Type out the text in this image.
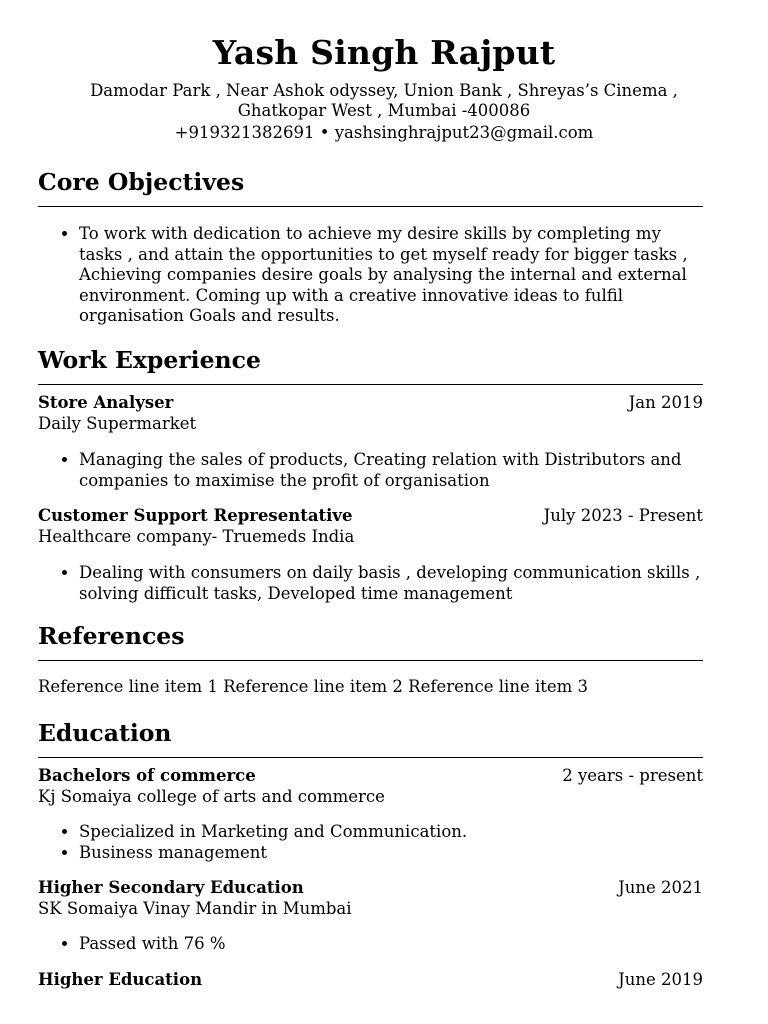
Yash Singh Rajput
Damodar Park , Near Ashok odyssey, Union Bank , Shreyas’s Cinema , Ghatkopar West , Mumbai -400086
+919321382691 • yashsinghrajput23@gmail.com
Core Objectives
• To work with dedication to achieve my desire skills by completing my tasks , and attain the opportunities to get myself ready for bigger tasks , Achieving companies desire goals by analysing the internal and external environment. Coming up with a creative innovative ideas to fulfil organisation Goals and results.
Work Experience
Store Analyser	Jan 2019
Daily Supermarket
• Managing the sales of products, Creating relation with Distributors and companies to maximise the profit of organisation
Customer Support Representative	July 2023 - Present
Healthcare company- Truemeds India
• Dealing with consumers on daily basis , developing communication skills , solving difficult tasks, Developed time management
References
Reference line item 1 Reference line item 2 Reference line item 3
Education
Bachelors of commerce	2 years - present
Kj Somaiya college of arts and commerce
• Specialized in Marketing and Communication.
• Business management
Higher Secondary Education	June 2021
SK Somaiya Vinay Mandir in Mumbai
• Passed with 76 %
Higher Education	June 2019
